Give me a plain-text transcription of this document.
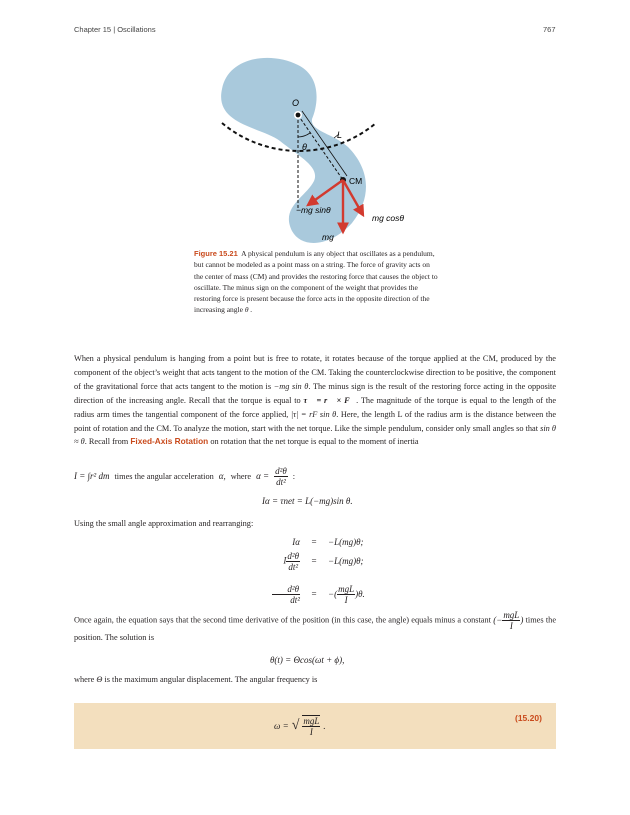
Chapter 15 | Oscillations	767
O
L
θ
CM
−mg sinθ
mg cosθ
mg
Figure 15.21 A physical pendulum is any object that oscillates as a pendulum, but cannot be modeled as a point mass on a string. The force of gravity acts on the center of mass (CM) and provides the restoring force that causes the object to oscillate. The minus sign on the component of the weight that provides the restoring force is present because the force acts in the opposite direction of the increasing angle θ .
When a physical pendulum is hanging from a point but is free to rotate, it rotates because of the torque applied at the CM, produced by the component of the object’s weight that acts tangent to the motion of the CM. Taking the counterclockwise direction to be positive, the component of the gravitational force that acts tangent to the motion is −mg sin θ. The minus sign is the result of the restoring force acting in the opposite direction of the increasing angle. Recall that the torque is equal to τ⃗ = r⃗ × F⃗. The magnitude of the torque is equal to the length of the radius arm times the tangential component of the force applied, |τ| = rF sin θ. Here, the length L of the radius arm is the distance between the point of rotation and the CM. To analyze the motion, start with the net torque. Like the simple pendulum, consider only small angles so that sin θ ≈ θ. Recall from Fixed-Axis Rotation on rotation that the net torque is equal to the moment of inertia
I = ∫r² dm times the angular acceleration α, where $\alpha = \frac{\text{d²θ}}{\text{dt²}}$ :
Iα = τnet = L(−mg)sin θ.
Using the small angle approximation and rearranging:
Iα	=	−L(mg)θ;
I $\frac{\text{d²θ}}{\text{dt²}}$	=	−L(mg)θ;
$\frac{\text{d²θ}}{\text{dt²}}$	=	−( $\frac{\text{mgL}}{I} )\theta$.
Once again, the equation says that the second time derivative of the position (in this case, the angle) equals minus a constant (− $\frac{\text{mgL}}{I}$ ) times the position. The solution is
θ(t) = Θcos(ωt + ϕ),
where Θ is the maximum angular displacement. The angular frequency is
ω = √ $\frac{\text{mgL}}{I}$ .
(15.20)
